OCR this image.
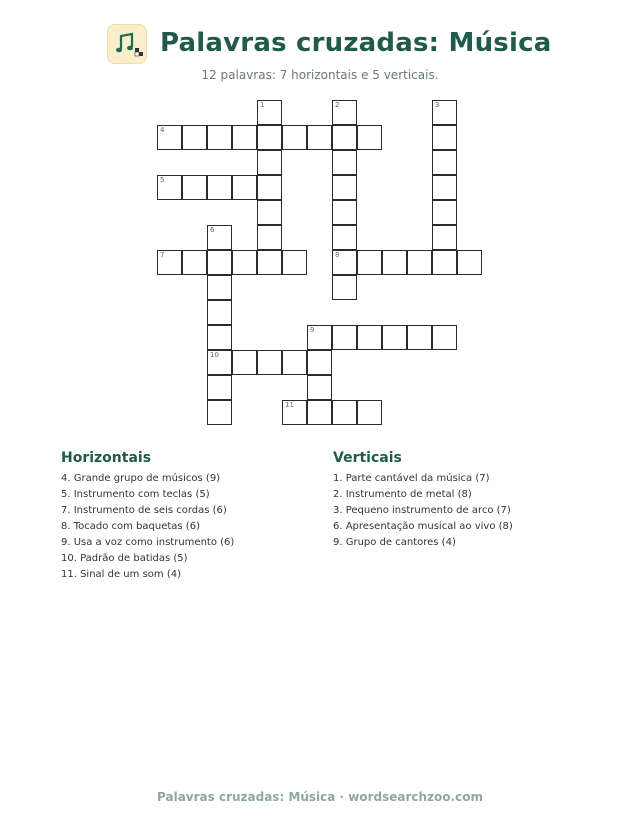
Palavras cruzadas: Música
12 palavras: 7 horizontais e 5 verticais.
4
5
7	8
9
10
11
1	2	3
6
Horizontais
4. Grande grupo de músicos (9)
5. Instrumento com teclas (5)
7. Instrumento de seis cordas (6)
8. Tocado com baquetas (6)
9. Usa a voz como instrumento (6)
10. Padrão de batidas (5)
11. Sinal de um som (4)
Verticais
1. Parte cantável da música (7)
2. Instrumento de metal (8)
3. Pequeno instrumento de arco (7)
6. Apresentação musical ao vivo (8)
9. Grupo de cantores (4)
Palavras cruzadas: Música · wordsearchzoo.com
